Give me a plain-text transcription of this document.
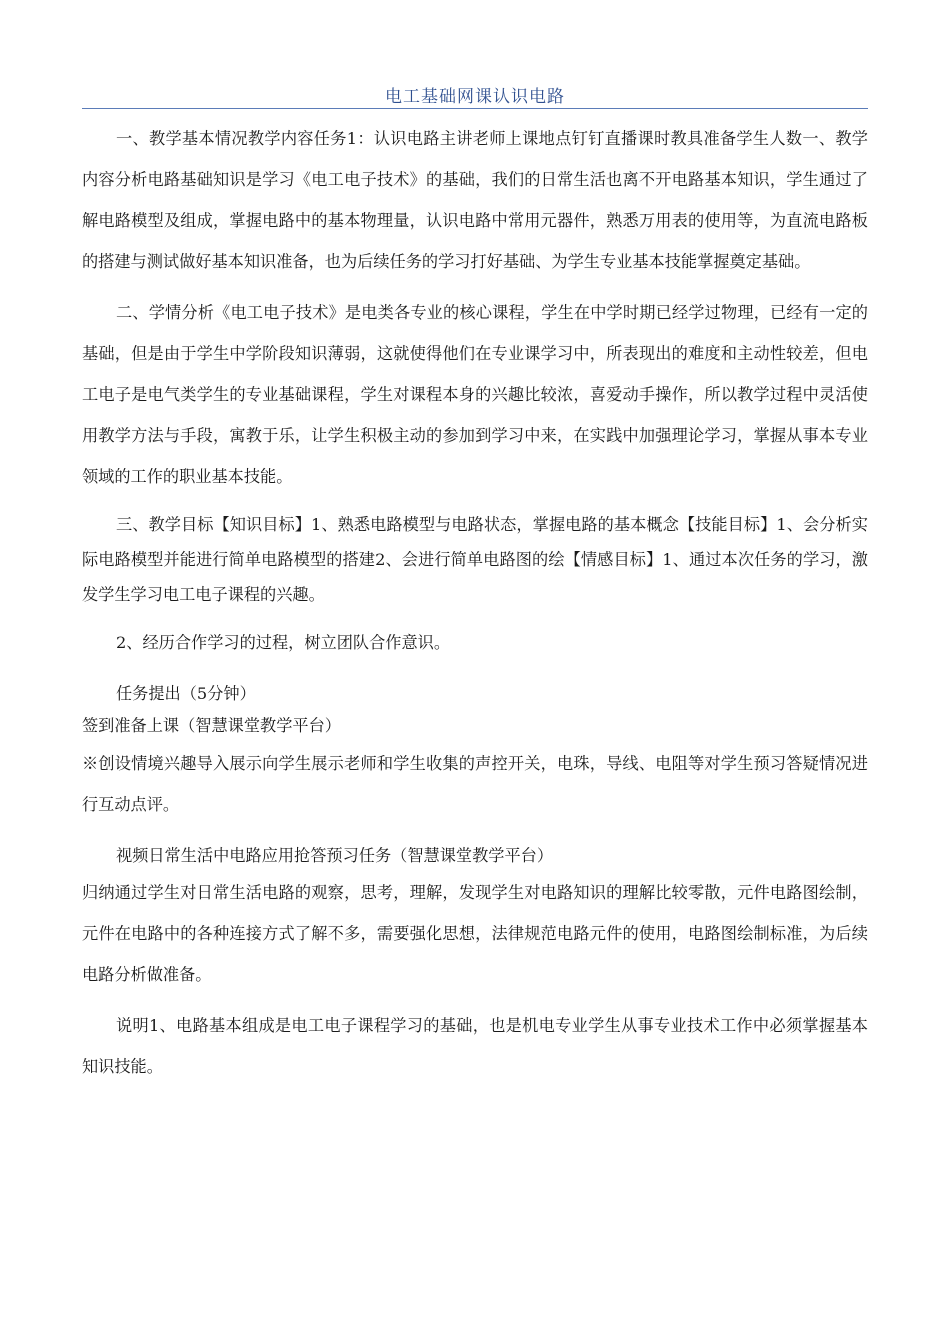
电工基础网课认识电路

一、教学基本情况教学内容任务1：认识电路主讲老师上课地点钉钉直播课时教具准备学生人数一、教学内容分析电路基础知识是学习《电工电子技术》的基础，我们的日常生活也离不开电路基本知识，学生通过了解电路模型及组成，掌握电路中的基本物理量，认识电路中常用元器件，熟悉万用表的使用等，为直流电路板的搭建与测试做好基本知识准备，也为后续任务的学习打好基础、为学生专业基本技能掌握奠定基础。

二、学情分析《电工电子技术》是电类各专业的核心课程，学生在中学时期已经学过物理，已经有一定的基础，但是由于学生中学阶段知识薄弱，这就使得他们在专业课学习中，所表现出的难度和主动性较差，但电工电子是电气类学生的专业基础课程，学生对课程本身的兴趣比较浓，喜爱动手操作，所以教学过程中灵活使用教学方法与手段，寓教于乐，让学生积极主动的参加到学习中来，在实践中加强理论学习，掌握从事本专业领域的工作的职业基本技能。

三、教学目标【知识目标】1、熟悉电路模型与电路状态，掌握电路的基本概念【技能目标】1、会分析实际电路模型并能进行简单电路模型的搭建2、会进行简单电路图的绘【情感目标】1、通过本次任务的学习，激发学生学习电工电子课程的兴趣。

2、经历合作学习的过程，树立团队合作意识。

任务提出（5分钟）

签到准备上课（智慧课堂教学平台）

※创设情境兴趣导入展示向学生展示老师和学生收集的声控开关，电珠，导线、电阻等对学生预习答疑情况进行互动点评。

视频日常生活中电路应用抢答预习任务（智慧课堂教学平台）

归纳通过学生对日常生活电路的观察，思考，理解，发现学生对电路知识的理解比较零散，元件电路图绘制，元件在电路中的各种连接方式了解不多，需要强化思想，法律规范电路元件的使用，电路图绘制标准，为后续电路分析做准备。

说明1、电路基本组成是电工电子课程学习的基础，也是机电专业学生从事专业技术工作中必须掌握基本知识技能。
